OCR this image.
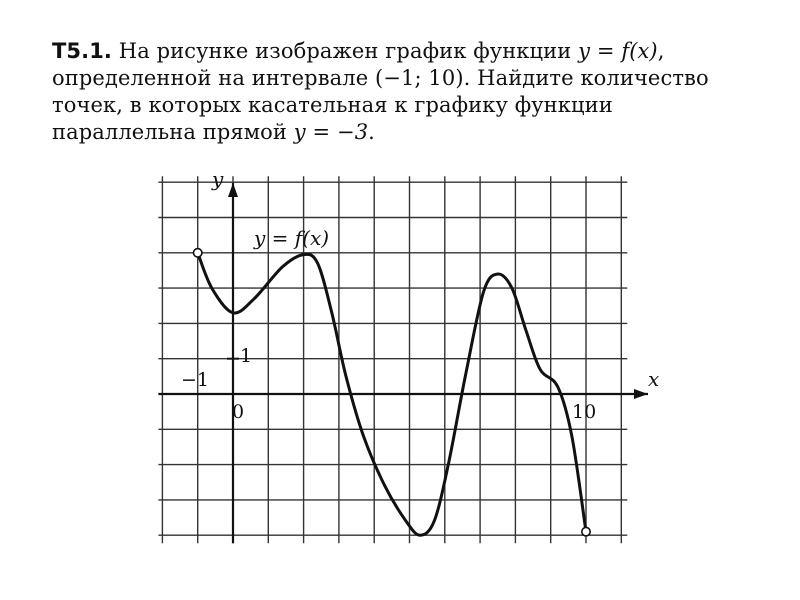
Т5.1. На рисунке изображен график функции y = f(x), определенной на интервале (−1; 10). Найдите количество точек, в которых касательная к графику функции параллельна прямой y = −3.
0
−1
10
1
x
y
y = f(x)
